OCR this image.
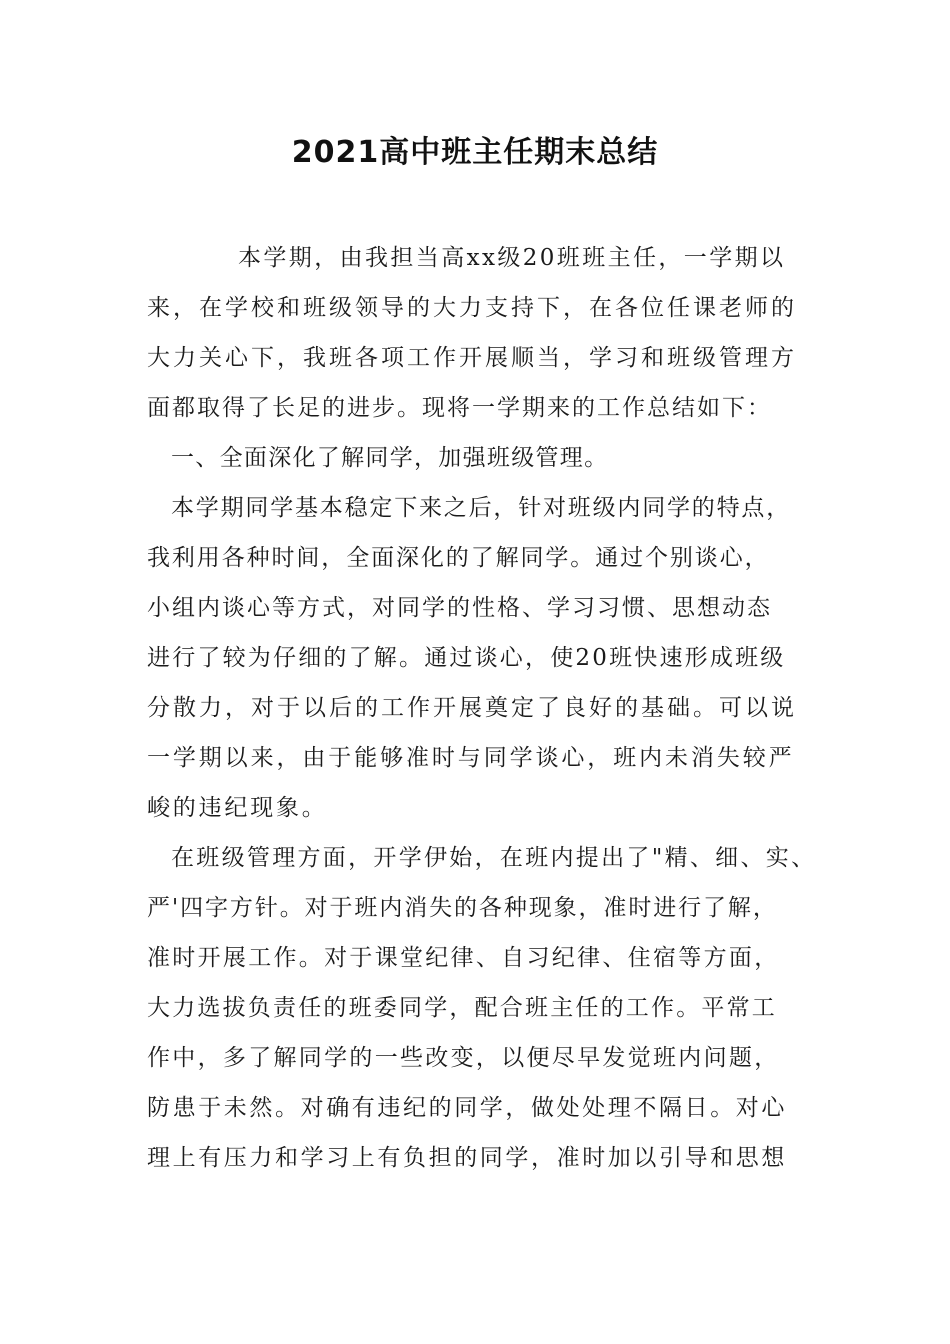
2021高中班主任期末总结
本学期，由我担当高xx级20班班主任，一学期以
来，在学校和班级领导的大力支持下，在各位任课老师的
大力关心下，我班各项工作开展顺当，学习和班级管理方
面都取得了长足的进步。现将一学期来的工作总结如下：
一、全面深化了解同学，加强班级管理。
本学期同学基本稳定下来之后，针对班级内同学的特点，
我利用各种时间，全面深化的了解同学。通过个别谈心，
小组内谈心等方式，对同学的性格、学习习惯、思想动态
进行了较为仔细的了解。通过谈心，使20班快速形成班级
分散力，对于以后的工作开展奠定了良好的基础。可以说
一学期以来，由于能够准时与同学谈心，班内未消失较严
峻的违纪现象。
在班级管理方面，开学伊始，在班内提出了"精、细、实、
严'四字方针。对于班内消失的各种现象，准时进行了解，
准时开展工作。对于课堂纪律、自习纪律、住宿等方面，
大力选拔负责任的班委同学，配合班主任的工作。平常工
作中，多了解同学的一些改变，以便尽早发觉班内问题，
防患于未然。对确有违纪的同学，做处处理不隔日。对心
理上有压力和学习上有负担的同学，准时加以引导和思想
